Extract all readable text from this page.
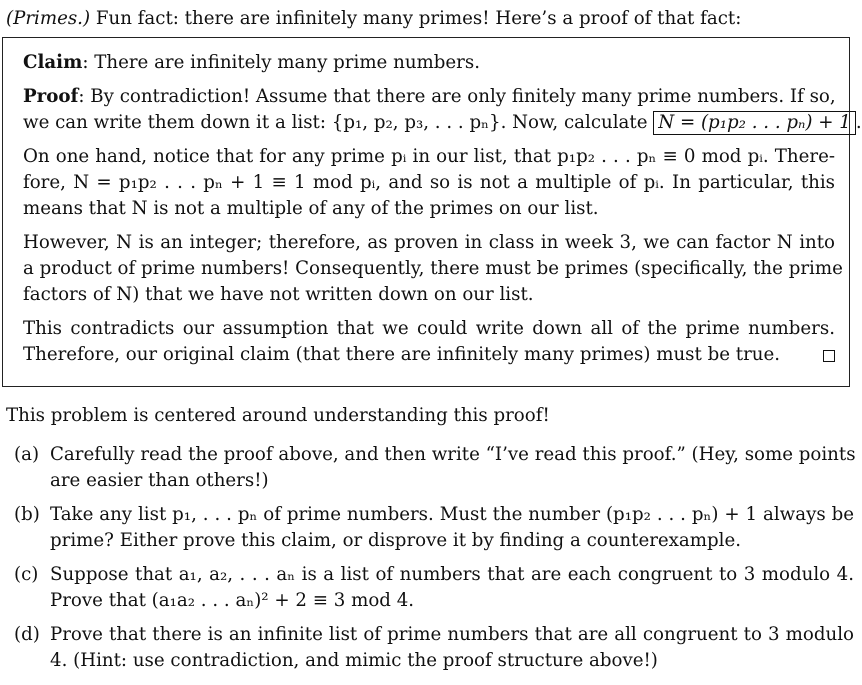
(Primes.) Fun fact: there are infinitely many primes! Here’s a proof of that fact:
Claim: There are infinitely many prime numbers.
Proof: By contradiction! Assume that there are only finitely many prime numbers. If so,
we can write them down it a list: {p₁, p₂, p₃, . . . pₙ}. Now, calculate N = (p₁p₂ . . . pₙ) + 1 .
On one hand, notice that for any prime pᵢ in our list, that p₁p₂ . . . pₙ ≡ 0 mod pᵢ. There-
fore, N = p₁p₂ . . . pₙ + 1 ≡ 1 mod pᵢ, and so is not a multiple of pᵢ. In particular, this
means that N is not a multiple of any of the primes on our list.
However, N is an integer; therefore, as proven in class in week 3, we can factor N into
a product of prime numbers! Consequently, there must be primes (specifically, the prime
factors of N) that we have not written down on our list.
This contradicts our assumption that we could write down all of the prime numbers.
Therefore, our original claim (that there are infinitely many primes) must be true.
This problem is centered around understanding this proof!
(a) Carefully read the proof above, and then write “I’ve read this proof.” (Hey, some points
are easier than others!)
(b) Take any list p₁, . . . pₙ of prime numbers. Must the number (p₁p₂ . . . pₙ) + 1 always be
prime? Either prove this claim, or disprove it by finding a counterexample.
(c) Suppose that a₁, a₂, . . . aₙ is a list of numbers that are each congruent to 3 modulo 4.
Prove that (a₁a₂ . . . aₙ)² + 2 ≡ 3 mod 4.
(d) Prove that there is an infinite list of prime numbers that are all congruent to 3 modulo
4. (Hint: use contradiction, and mimic the proof structure above!)
